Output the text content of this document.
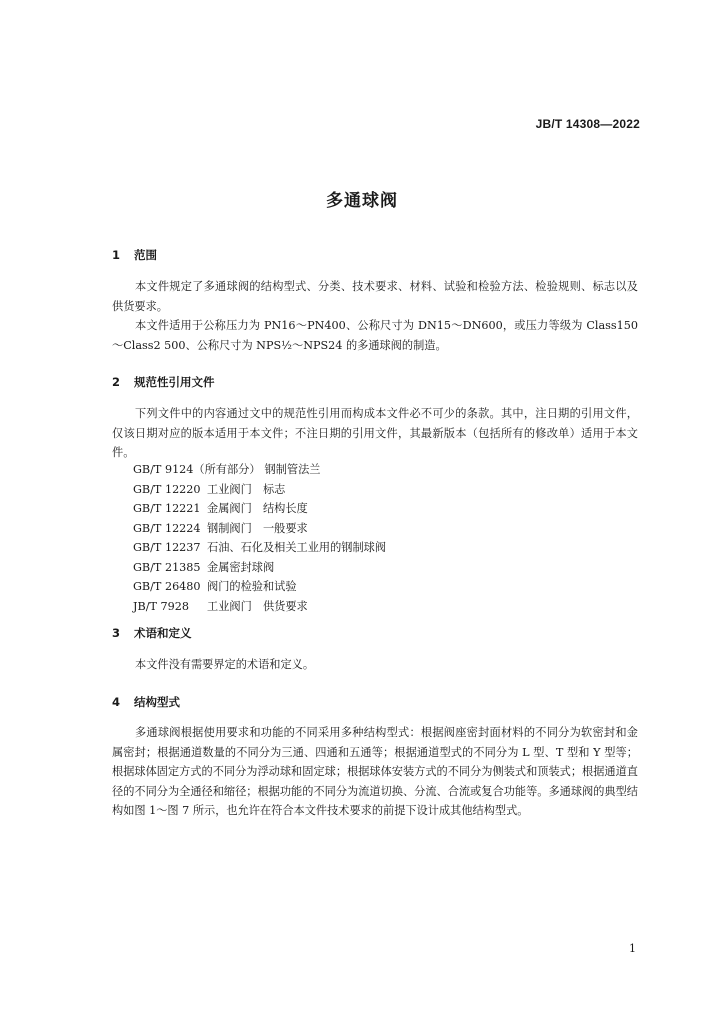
JB/T 14308—2022
多通球阀
1 范围
本文件规定了多通球阀的结构型式、分类、技术要求、材料、试验和检验方法、检验规则、标志以及供货要求。
本文件适用于公称压力为 PN16～PN400、公称尺寸为 DN15～DN600，或压力等级为 Class150～Class2 500、公称尺寸为 NPS½～NPS24 的多通球阀的制造。
2 规范性引用文件
下列文件中的内容通过文中的规范性引用而构成本文件必不可少的条款。其中，注日期的引用文件，仅该日期对应的版本适用于本文件；不注日期的引用文件，其最新版本（包括所有的修改单）适用于本文件。
GB/T 9124（所有部分） 钢制管法兰
GB/T 12220 工业阀门　标志
GB/T 12221 金属阀门　结构长度
GB/T 12224 钢制阀门　一般要求
GB/T 12237 石油、石化及相关工业用的钢制球阀
GB/T 21385 金属密封球阀
GB/T 26480 阀门的检验和试验
JB/T 7928 工业阀门　供货要求
3 术语和定义
本文件没有需要界定的术语和定义。
4 结构型式
多通球阀根据使用要求和功能的不同采用多种结构型式：根据阀座密封面材料的不同分为软密封和金属密封；根据通道数量的不同分为三通、四通和五通等；根据通道型式的不同分为 L 型、T 型和 Y 型等；根据球体固定方式的不同分为浮动球和固定球；根据球体安装方式的不同分为侧装式和顶装式；根据通道直径的不同分为全通径和缩径；根据功能的不同分为流道切换、分流、合流或复合功能等。多通球阀的典型结构如图 1～图 7 所示，也允许在符合本文件技术要求的前提下设计成其他结构型式。
1
